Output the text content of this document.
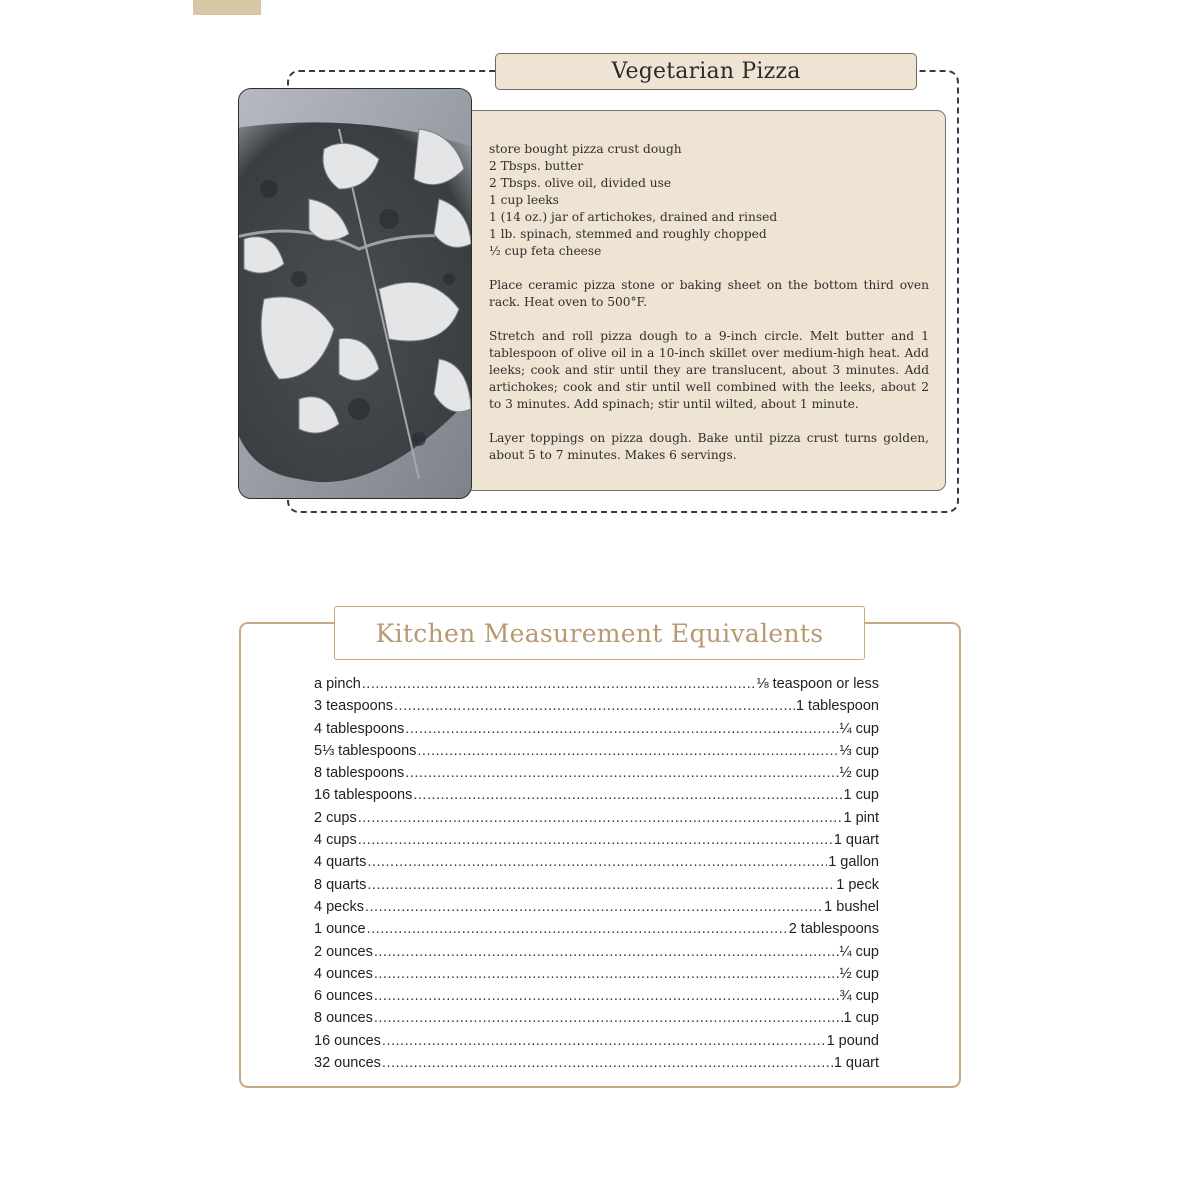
Vegetarian Pizza
store bought pizza crust dough
2 Tbsps. butter
2 Tbsps. olive oil, divided use
1 cup leeks
1 (14 oz.) jar of artichokes, drained and rinsed
1 lb. spinach, stemmed and roughly chopped
½ cup feta cheese

Place ceramic pizza stone or baking sheet on the bottom third oven rack. Heat oven to 500°F.

Stretch and roll pizza dough to a 9-inch circle. Melt butter and 1 tablespoon of olive oil in a 10-inch skillet over medium-high heat. Add leeks; cook and stir until they are translucent, about 3 minutes. Add artichokes; cook and stir until well combined with the leeks, about 2 to 3 minutes. Add spinach; stir until wilted, about 1 minute.

Layer toppings on pizza dough. Bake until pizza crust turns golden, about 5 to 7 minutes. Makes 6 servings.

Kitchen Measurement Equivalents
a pinch .....	⅛ teaspoon or less
3 teaspoons .....	1 tablespoon
4 tablespoons .....	¼ cup
5⅓ tablespoons .....	⅓ cup
8 tablespoons .....	½ cup
16 tablespoons .....	1 cup
2 cups .....	1 pint
4 cups .....	1 quart
4 quarts .....	1 gallon
8 quarts .....	1 peck
4 pecks .....	1 bushel
1 ounce .....	2 tablespoons
2 ounces .....	¼ cup
4 ounces .....	½ cup
6 ounces .....	¾ cup
8 ounces .....	1 cup
16 ounces .....	1 pound
32 ounces .....	1 quart
